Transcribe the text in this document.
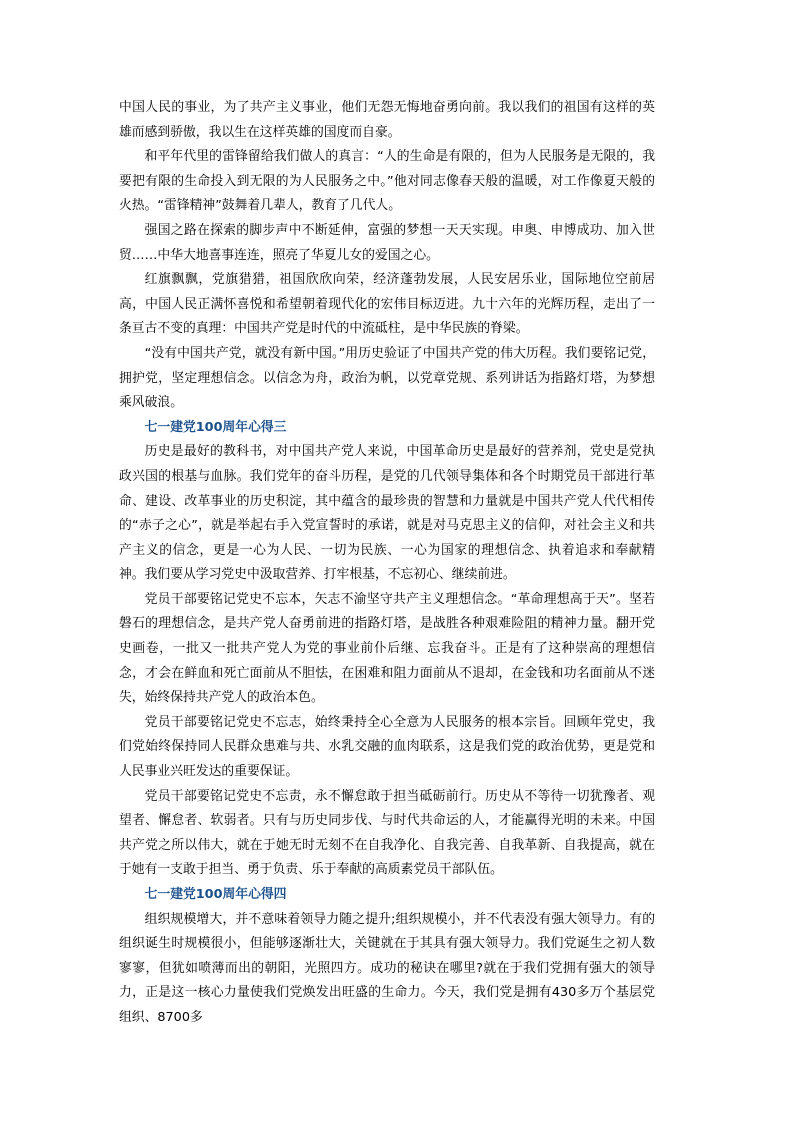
中国人民的事业，为了共产主义事业，他们无怨无悔地奋勇向前。我以我们的祖国有这样的英雄而感到骄傲，我以生在这样英雄的国度而自豪。

和平年代里的雷锋留给我们做人的真言：“人的生命是有限的，但为人民服务是无限的，我要把有限的生命投入到无限的为人民服务之中。”他对同志像春天般的温暖，对工作像夏天般的火热。“雷锋精神”鼓舞着几辈人，教育了几代人。

强国之路在探索的脚步声中不断延伸，富强的梦想一天天实现。申奥、申博成功、加入世贸……中华大地喜事连连，照亮了华夏儿女的爱国之心。

红旗飘飘，党旗猎猎，祖国欣欣向荣，经济蓬勃发展，人民安居乐业，国际地位空前居高，中国人民正满怀喜悦和希望朝着现代化的宏伟目标迈进。九十六年的光辉历程，走出了一条亘古不变的真理：中国共产党是时代的中流砥柱，是中华民族的脊梁。

“没有中国共产党，就没有新中国。”用历史验证了中国共产党的伟大历程。我们要铭记党，拥护党，坚定理想信念。以信念为舟，政治为帆，以党章党规、系列讲话为指路灯塔，为梦想乘风破浪。

七一建党100周年心得三

历史是最好的教科书，对中国共产党人来说，中国革命历史是最好的营养剂，党史是党执政兴国的根基与血脉。我们党年的奋斗历程，是党的几代领导集体和各个时期党员干部进行革命、建设、改革事业的历史积淀，其中蕴含的最珍贵的智慧和力量就是中国共产党人代代相传的“赤子之心”，就是举起右手入党宣誓时的承诺，就是对马克思主义的信仰，对社会主义和共产主义的信念，更是一心为人民、一切为民族、一心为国家的理想信念、执着追求和奉献精神。我们要从学习党史中汲取营养、打牢根基，不忘初心、继续前进。

党员干部要铭记党史不忘本，矢志不渝坚守共产主义理想信念。“革命理想高于天”。坚若磐石的理想信念，是共产党人奋勇前进的指路灯塔，是战胜各种艰难险阻的精神力量。翻开党史画卷，一批又一批共产党人为党的事业前仆后继、忘我奋斗。正是有了这种崇高的理想信念，才会在鲜血和死亡面前从不胆怯，在困难和阻力面前从不退却，在金钱和功名面前从不迷失，始终保持共产党人的政治本色。

党员干部要铭记党史不忘志，始终秉持全心全意为人民服务的根本宗旨。回顾年党史，我们党始终保持同人民群众患难与共、水乳交融的血肉联系，这是我们党的政治优势，更是党和人民事业兴旺发达的重要保证。

党员干部要铭记党史不忘责，永不懈怠敢于担当砥砺前行。历史从不等待一切犹豫者、观望者、懈怠者、软弱者。只有与历史同步伐、与时代共命运的人，才能赢得光明的未来。中国共产党之所以伟大，就在于她无时无刻不在自我净化、自我完善、自我革新、自我提高，就在于她有一支敢于担当、勇于负责、乐于奉献的高质素党员干部队伍。

七一建党100周年心得四

组织规模增大，并不意味着领导力随之提升;组织规模小，并不代表没有强大领导力。有的组织诞生时规模很小，但能够逐渐壮大，关键就在于其具有强大领导力。我们党诞生之初人数寥寥，但犹如喷薄而出的朝阳，光照四方。成功的秘诀在哪里?就在于我们党拥有强大的领导力，正是这一核心力量使我们党焕发出旺盛的生命力。今天，我们党是拥有430多万个基层党组织、8700多
